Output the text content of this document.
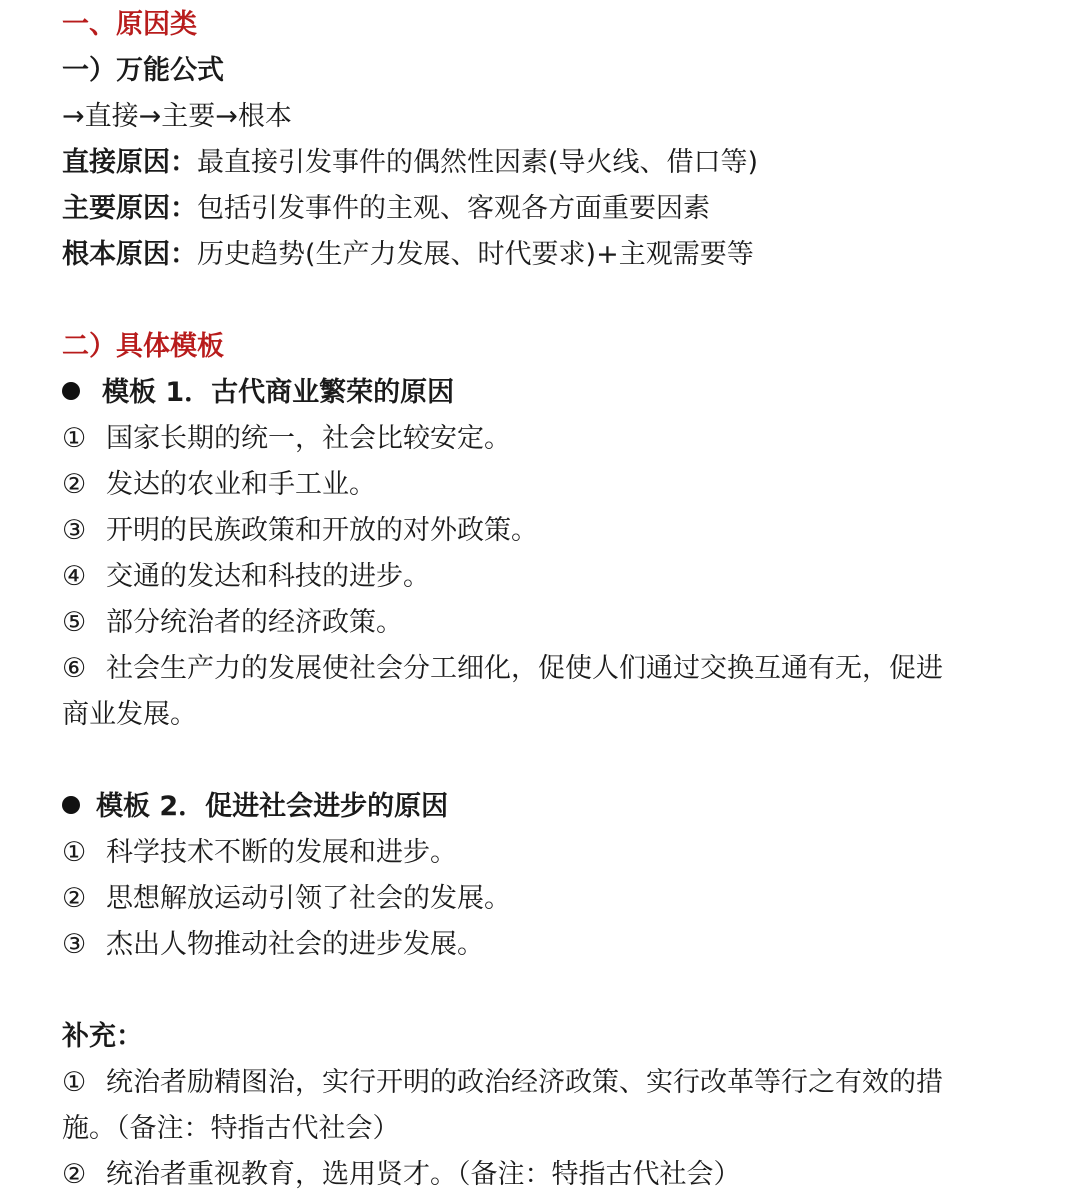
一、原因类
一）万能公式
→直接→主要→根本
直接原因：最直接引发事件的偶然性因素(导火线、借口等)
主要原因：包括引发事件的主观、客观各方面重要因素
根本原因：历史趋势(生产力发展、时代要求)+主观需要等
二）具体模板
模板 1．古代商业繁荣的原因
① 国家长期的统一，社会比较安定。
② 发达的农业和手工业。
③ 开明的民族政策和开放的对外政策。
④ 交通的发达和科技的进步。
⑤ 部分统治者的经济政策。
⑥ 社会生产力的发展使社会分工细化，促使人们通过交换互通有无，促进
商业发展。
模板 2．促进社会进步的原因
① 科学技术不断的发展和进步。
② 思想解放运动引领了社会的发展。
③ 杰出人物推动社会的进步发展。
补充：
① 统治者励精图治，实行开明的政治经济政策、实行改革等行之有效的措
施。（备注：特指古代社会）
② 统治者重视教育，选用贤才。（备注：特指古代社会）
